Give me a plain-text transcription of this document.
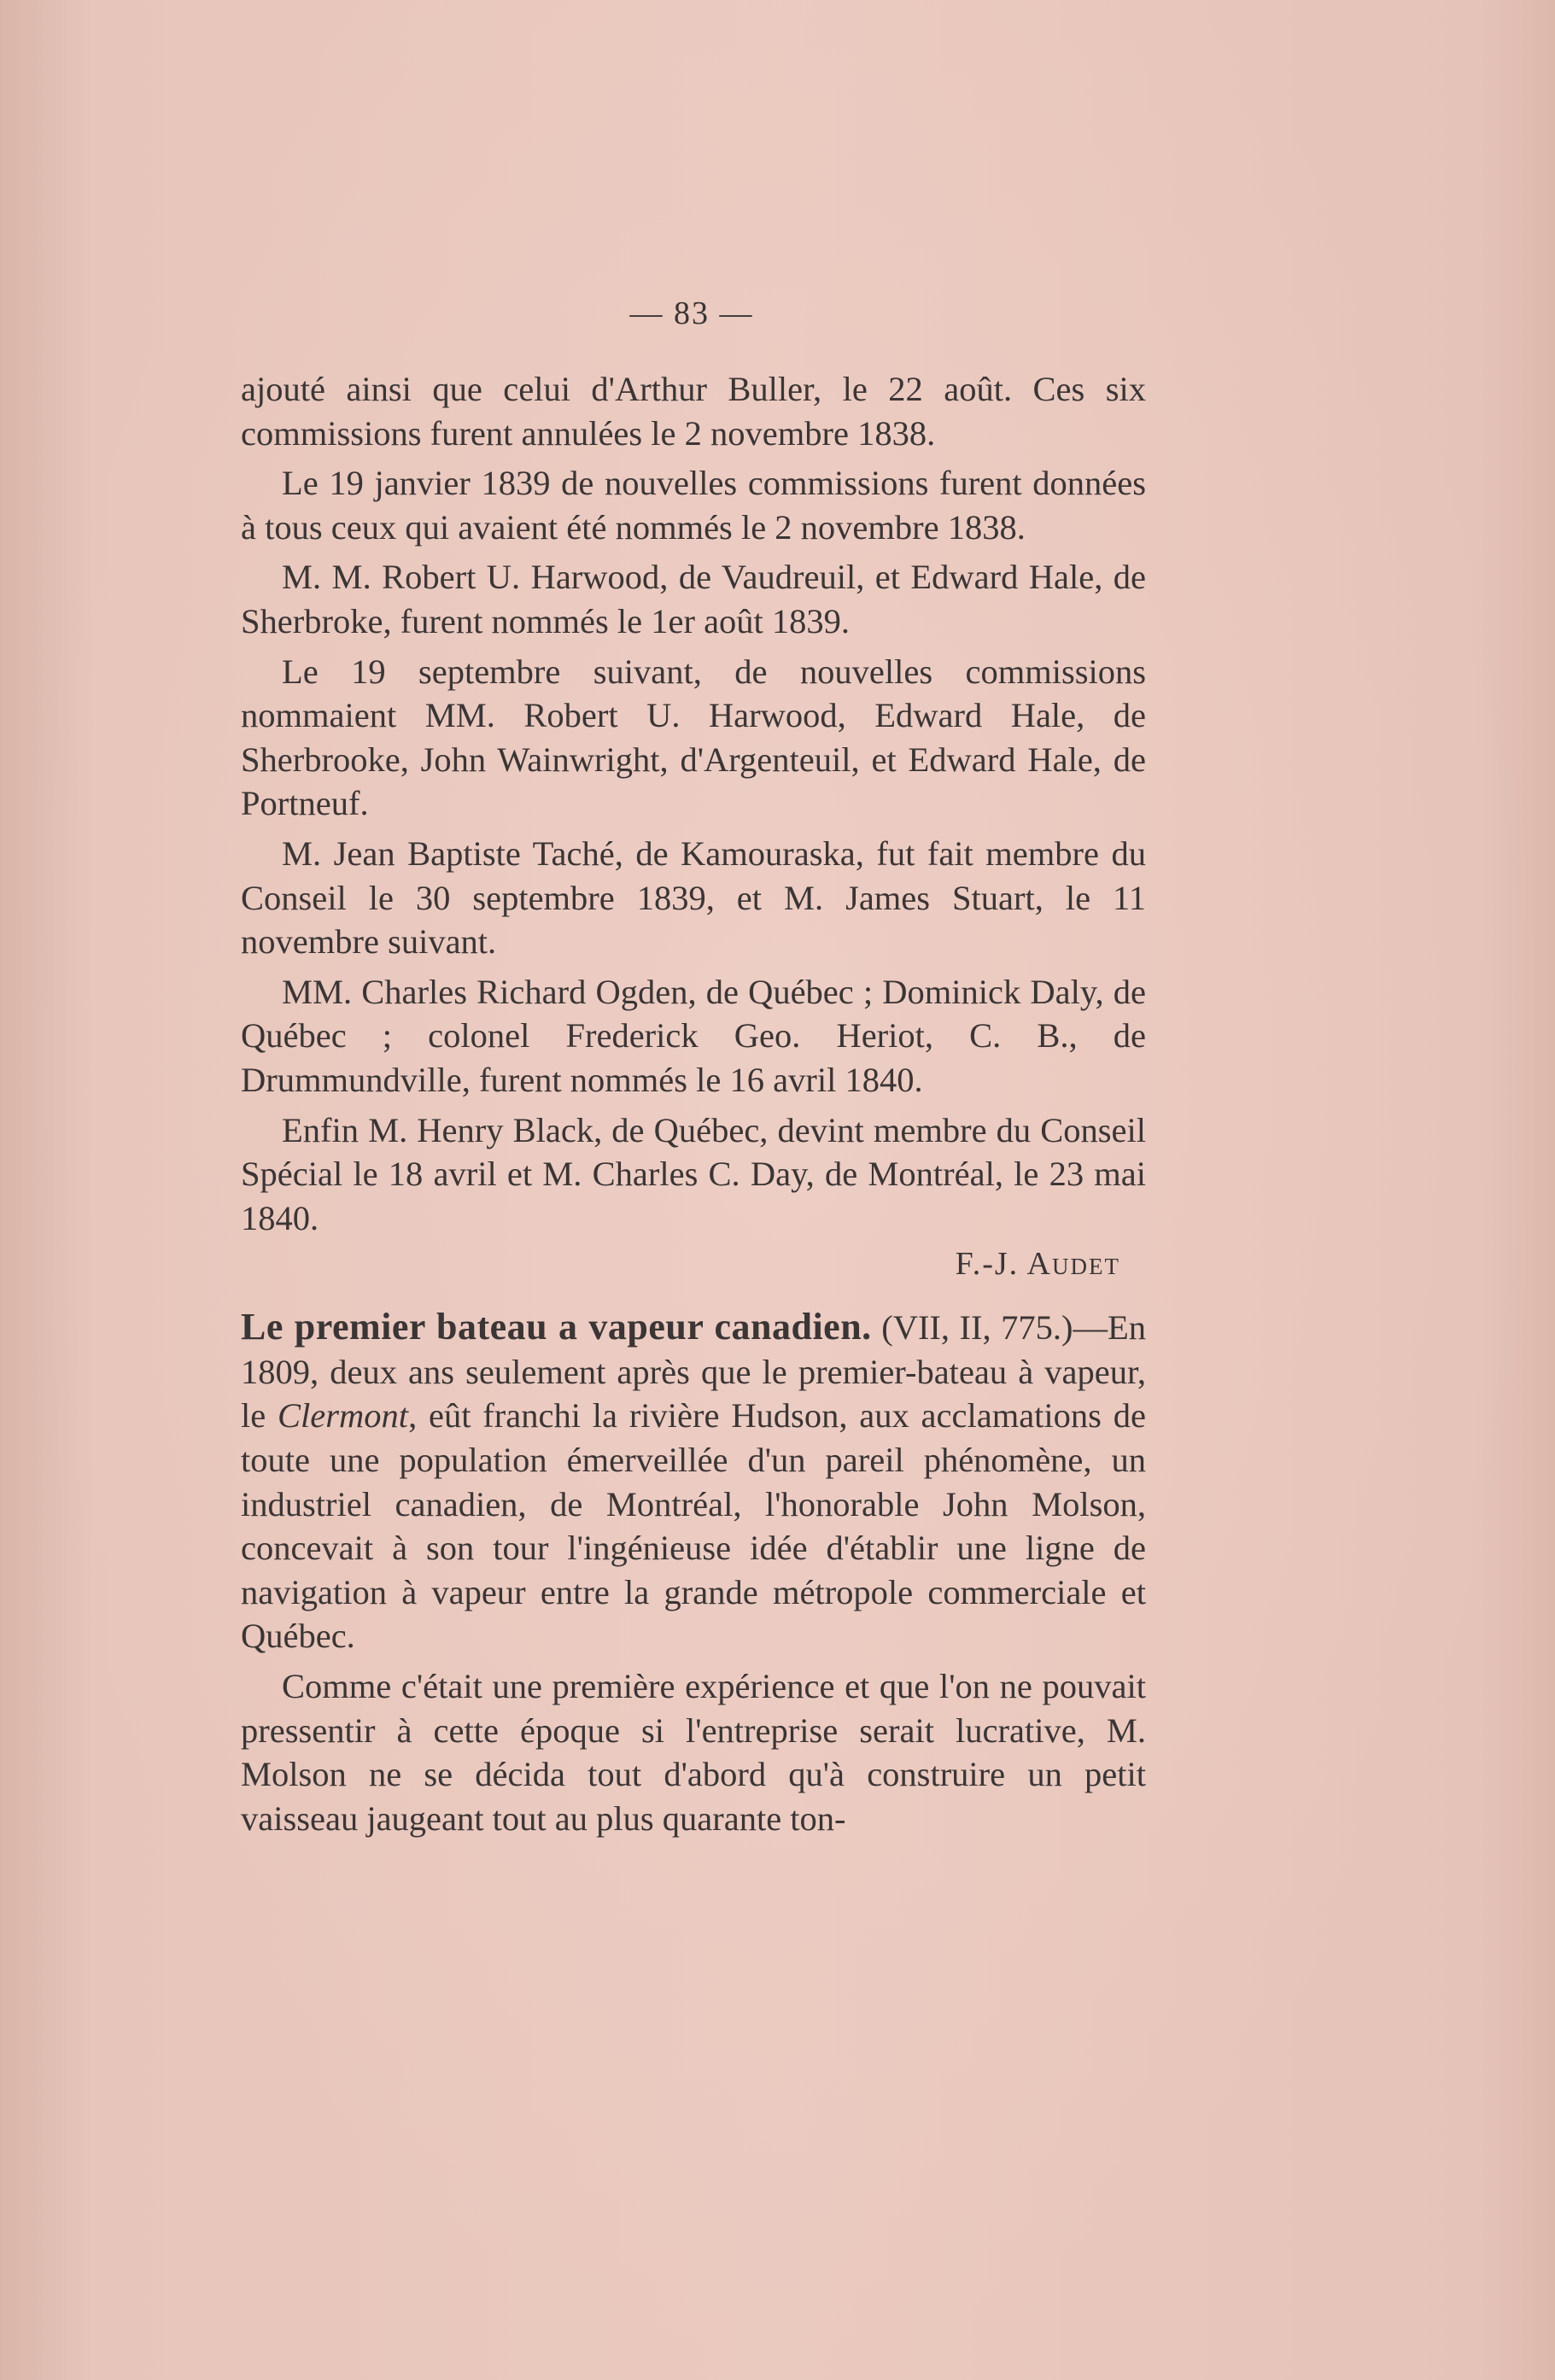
— 83 —

ajouté ainsi que celui d'Arthur Buller, le 22 août. Ces six commissions furent annulées le 2 novembre 1838.

Le 19 janvier 1839 de nouvelles commissions furent données à tous ceux qui avaient été nommés le 2 novembre 1838.

M. M. Robert U. Harwood, de Vaudreuil, et Edward Hale, de Sherbroke, furent nommés le 1er août 1839.

Le 19 septembre suivant, de nouvelles commissions nommaient MM. Robert U. Harwood, Edward Hale, de Sherbrooke, John Wainwright, d'Argenteuil, et Edward Hale, de Portneuf.

M. Jean Baptiste Taché, de Kamouraska, fut fait membre du Conseil le 30 septembre 1839, et M. James Stuart, le 11 novembre suivant.

MM. Charles Richard Ogden, de Québec ; Dominick Daly, de Québec ; colonel Frederick Geo. Heriot, C. B., de Drummundville, furent nommés le 16 avril 1840.

Enfin M. Henry Black, de Québec, devint membre du Conseil Spécial le 18 avril et M. Charles C. Day, de Montréal, le 23 mai 1840.

F.-J. Audet

Le premier bateau a vapeur canadien. (VII, II, 775.)—En 1809, deux ans seulement après que le premier-bateau à vapeur, le Clermont, eût franchi la rivière Hudson, aux acclamations de toute une population émerveillée d'un pareil phénomène, un industriel canadien, de Montréal, l'honorable John Molson, concevait à son tour l'ingénieuse idée d'établir une ligne de navigation à vapeur entre la grande métropole commerciale et Québec.

Comme c'était une première expérience et que l'on ne pouvait pressentir à cette époque si l'entreprise serait lucrative, M. Molson ne se décida tout d'abord qu'à construire un petit vaisseau jaugeant tout au plus quarante ton-
